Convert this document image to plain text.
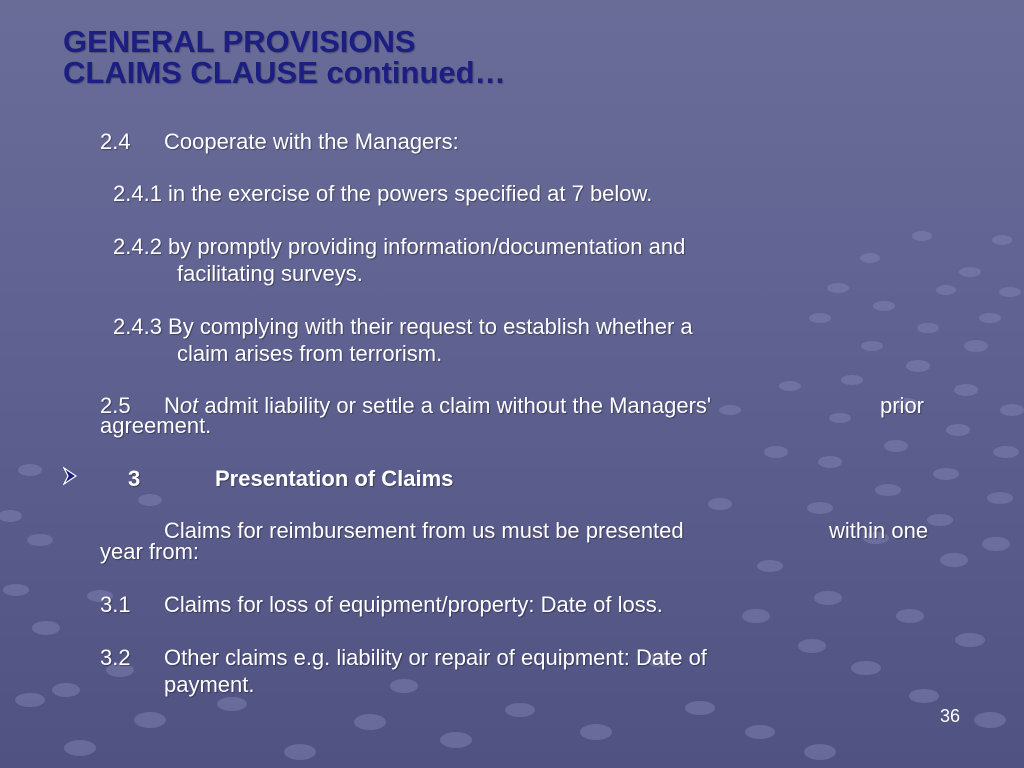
GENERAL PROVISIONS
CLAIMS CLAUSE continued…
2.4 Cooperate with the Managers:
2.4.1 in the exercise of the powers specified at 7 below.
2.4.2 by promptly providing information/documentation and
facilitating surveys.
2.4.3 By complying with their request to establish whether a
claim arises from terrorism.
2.5 Not admit liability or settle a claim without the Managers'	prior
agreement.
3	Presentation of Claims
Claims for reimbursement from us must be presented	within one
year from:
3.1 Claims for loss of equipment/property: Date of loss.
3.2 Other claims e.g. liability or repair of equipment: Date of
payment.
36
